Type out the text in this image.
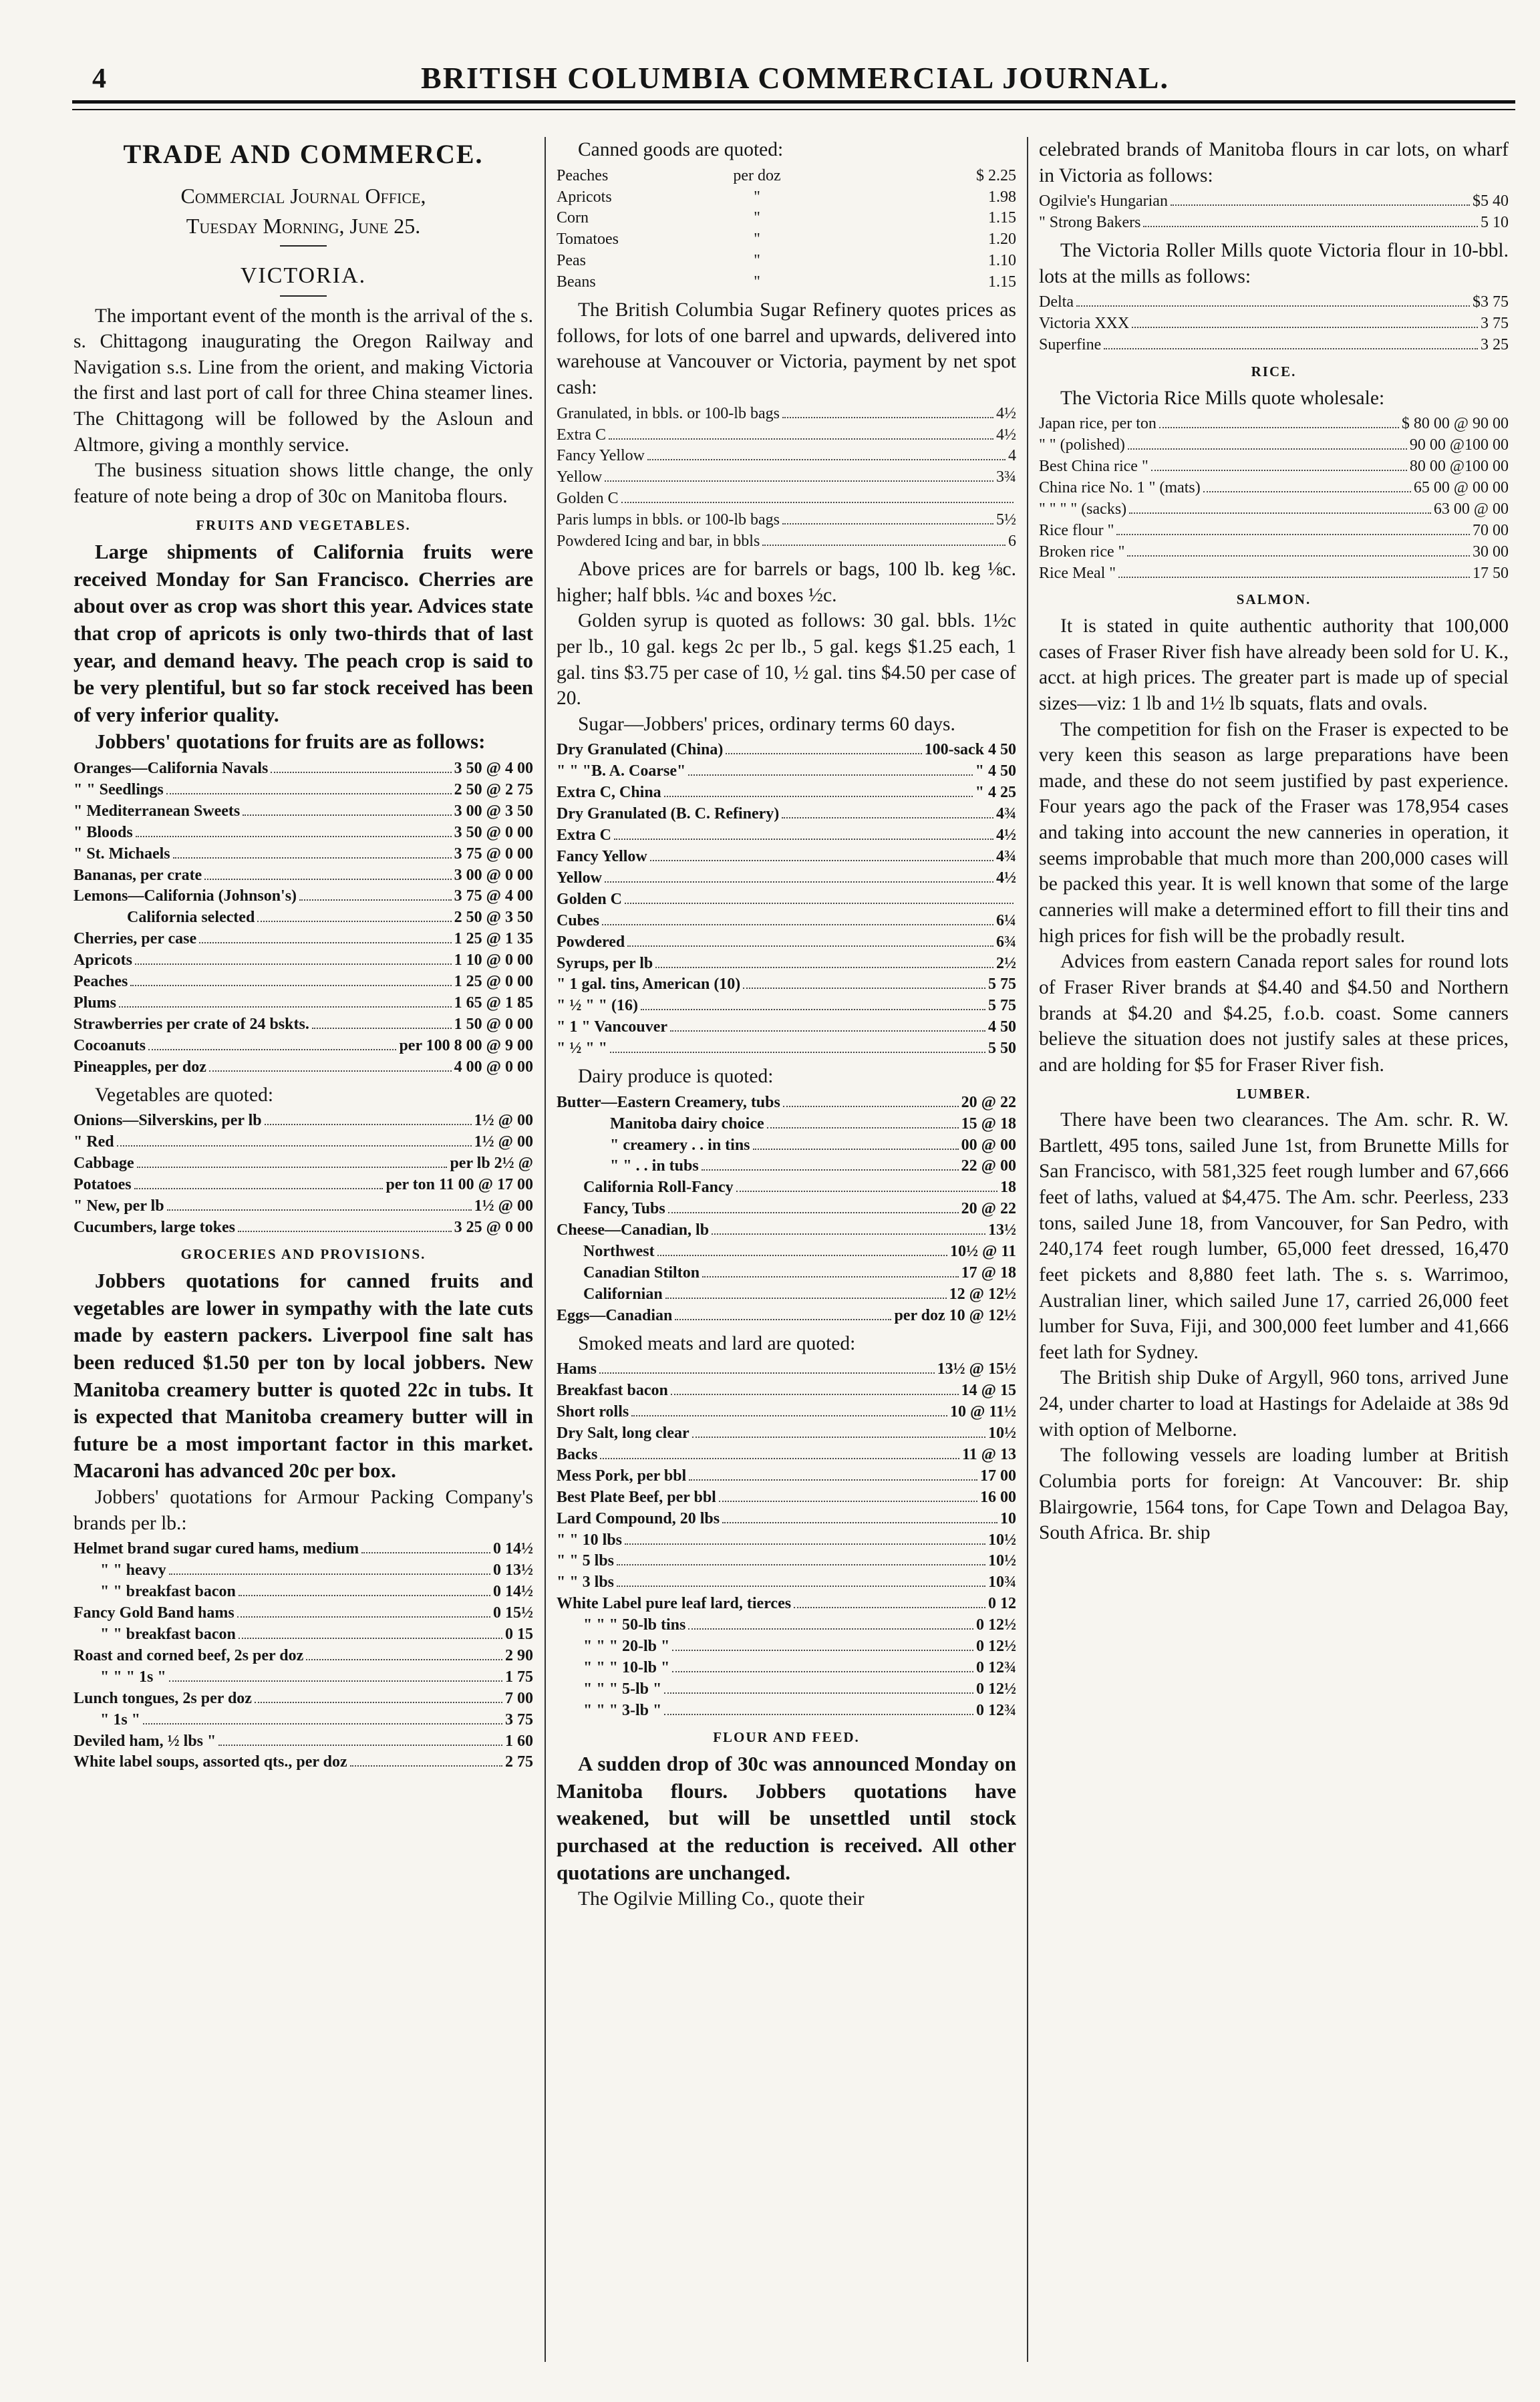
4	BRITISH COLUMBIA COMMERCIAL JOURNAL.
TRADE AND COMMERCE.
Commercial Journal Office,
Tuesday Morning, June 25.
VICTORIA.

The important event of the month is the arrival of the s. s. Chittagong inaugurating the Oregon Railway and Navigation s.s. Line from the orient, and making Victoria the first and last port of call for three China steamer lines. The Chittagong will be followed by the Asloun and Altmore, giving a monthly service.

The business situation shows little change, the only feature of note being a drop of 30c on Manitoba flours.

FRUITS AND VEGETABLES.

Large shipments of California fruits were received Monday for San Francisco. Cherries are about over as crop was short this year. Advices state that crop of apricots is only two-thirds that of last year, and demand heavy. The peach crop is said to be very plentiful, but so far stock received has been of very inferior quality.

Jobbers' quotations for fruits are as follows:

Oranges—California Navals	3 50 @ 4 00
" " Seedlings	2 50 @ 2 75
" Mediterranean Sweets	3 00 @ 3 50
" Bloods	3 50 @ 0 00
" St. Michaels	3 75 @ 0 00
Bananas, per crate	3 00 @ 0 00
Lemons—California (Johnson's)	3 75 @ 4 00
California selected	2 50 @ 3 50
Cherries, per case	1 25 @ 1 35
Apricots	1 10 @ 0 00
Peaches	1 25 @ 0 00
Plums	1 65 @ 1 85
Strawberries per crate of 24 bskts.	1 50 @ 0 00
Cocoanuts	per 100 8 00 @ 9 00
Pineapples, per doz	4 00 @ 0 00

Vegetables are quoted:

Onions—Silverskins, per lb	1½ @ 00
" Red	1½ @ 00
Cabbage	per lb 2½ @
Potatoes	per ton 11 00 @ 17 00
" New, per lb	1½ @ 00
Cucumbers, large tokes	3 25 @ 0 00
GROCERIES AND PROVISIONS.

Jobbers quotations for canned fruits and vegetables are lower in sympathy with the late cuts made by eastern packers. Liverpool fine salt has been reduced $1.50 per ton by local jobbers. New Manitoba creamery butter is quoted 22c in tubs. It is expected that Manitoba creamery butter will in future be a most important factor in this market. Macaroni has advanced 20c per box.

Jobbers' quotations for Armour Packing Company's brands per lb.:

Helmet brand sugar cured hams, medium	0 14½
" " heavy	0 13½
" " breakfast bacon	0 14½
Fancy Gold Band hams	0 15½
" " breakfast bacon	0 15
Roast and corned beef, 2s per doz	2 90
" " " 1s "	1 75
Lunch tongues, 2s per doz	7 00
" 1s "	3 75
Deviled ham, ½ lbs "	1 60
White label soups, assorted qts., per doz	2 75

Canned goods are quoted:

Peaches	per doz	$ 2.25
Apricots	"	1.98
Corn	"	1.15
Tomatoes	"	1.20
Peas	"	1.10
Beans	"	1.15

The British Columbia Sugar Refinery quotes prices as follows, for lots of one barrel and upwards, delivered into warehouse at Vancouver or Victoria, payment by net spot cash:

Granulated, in bbls. or 100-lb bags	4½
Extra C	4½
Fancy Yellow	4
Yellow	3¾
Golden C
Paris lumps in bbls. or 100-lb bags	5½
Powdered Icing and bar, in bbls	6

Above prices are for barrels or bags, 100 lb. keg ⅛c. higher; half bbls. ¼c and boxes ½c.

Golden syrup is quoted as follows: 30 gal. bbls. 1½c per lb., 10 gal. kegs 2c per lb., 5 gal. kegs $1.25 each, 1 gal. tins $3.75 per case of 10, ½ gal. tins $4.50 per case of 20.

Sugar—Jobbers' prices, ordinary terms 60 days.

Dry Granulated (China)	100-sack 4 50
" " "B. A. Coarse"	" 4 50
Extra C, China	" 4 25
Dry Granulated (B. C. Refinery)	4¾
Extra C	4½
Fancy Yellow	4¾
Yellow	4½
Golden C
Cubes	6¼
Powdered	6¾
Syrups, per lb	2½
" 1 gal. tins, American (10)	5 75
" ½ " " (16)	5 75
" 1 " Vancouver	4 50
" ½ " "	5 50

Dairy produce is quoted:

Butter—Eastern Creamery, tubs	20 @ 22
Manitoba dairy choice	15 @ 18
" creamery . . in tins	00 @ 00
" " . . in tubs	22 @ 00
California Roll-Fancy	18
Fancy, Tubs	20 @ 22
Cheese—Canadian, lb	13½
Northwest	10½ @ 11
Canadian Stilton	17 @ 18
Californian	12 @ 12½
Eggs—Canadian	per doz 10 @ 12½

Smoked meats and lard are quoted:

Hams	13½ @ 15½
Breakfast bacon	14 @ 15
Short rolls	10 @ 11½
Dry Salt, long clear	10½
Backs	11 @ 13
Mess Pork, per bbl	17 00
Best Plate Beef, per bbl	16 00
Lard Compound, 20 lbs	10
" " 10 lbs	10½
" " 5 lbs	10½
" " 3 lbs	10¾
White Label pure leaf lard, tierces	0 12
" " " 50-lb tins	0 12½
" " " 20-lb "	0 12½
" " " 10-lb "	0 12¾
" " " 5-lb "	0 12½
" " " 3-lb "	0 12¾
FLOUR AND FEED.

A sudden drop of 30c was announced Monday on Manitoba flours. Jobbers quotations have weakened, but will be unsettled until stock purchased at the reduction is received. All other quotations are unchanged.

The Ogilvie Milling Co., quote their

celebrated brands of Manitoba flours in car lots, on wharf in Victoria as follows:

Ogilvie's Hungarian	$5 40
" Strong Bakers	5 10

The Victoria Roller Mills quote Victoria flour in 10-bbl. lots at the mills as follows:

Delta	$3 75
Victoria XXX	3 75
Superfine	3 25
RICE.

The Victoria Rice Mills quote wholesale:

Japan rice, per ton	$ 80 00 @ 90 00
" " (polished)	90 00 @100 00
Best China rice "	80 00 @100 00
China rice No. 1 " (mats)	65 00 @ 00 00
" " " " (sacks)	63 00 @ 00
Rice flour "	70 00
Broken rice "	30 00
Rice Meal "	17 50
SALMON.

It is stated in quite authentic authority that 100,000 cases of Fraser River fish have already been sold for U. K., acct. at high prices. The greater part is made up of special sizes—viz: 1 lb and 1½ lb squats, flats and ovals.

The competition for fish on the Fraser is expected to be very keen this season as large preparations have been made, and these do not seem justified by past experience. Four years ago the pack of the Fraser was 178,954 cases and taking into account the new canneries in operation, it seems improbable that much more than 200,000 cases will be packed this year. It is well known that some of the large canneries will make a determined effort to fill their tins and high prices for fish will be the probadly result.

Advices from eastern Canada report sales for round lots of Fraser River brands at $4.40 and $4.50 and Northern brands at $4.20 and $4.25, f.o.b. coast. Some canners believe the situation does not justify sales at these prices, and are holding for $5 for Fraser River fish.

LUMBER.

There have been two clearances. The Am. schr. R. W. Bartlett, 495 tons, sailed June 1st, from Brunette Mills for San Francisco, with 581,325 feet rough lumber and 67,666 feet of laths, valued at $4,475. The Am. schr. Peerless, 233 tons, sailed June 18, from Vancouver, for San Pedro, with 240,174 feet rough lumber, 65,000 feet dressed, 16,470 feet pickets and 8,880 feet lath. The s. s. Warrimoo, Australian liner, which sailed June 17, carried 26,000 feet lumber for Suva, Fiji, and 300,000 feet lumber and 41,666 feet lath for Sydney.

The British ship Duke of Argyll, 960 tons, arrived June 24, under charter to load at Hastings for Adelaide at 38s 9d with option of Melborne.

The following vessels are loading lumber at British Columbia ports for foreign: At Vancouver: Br. ship Blairgowrie, 1564 tons, for Cape Town and Delagoa Bay, South Africa. Br. ship
